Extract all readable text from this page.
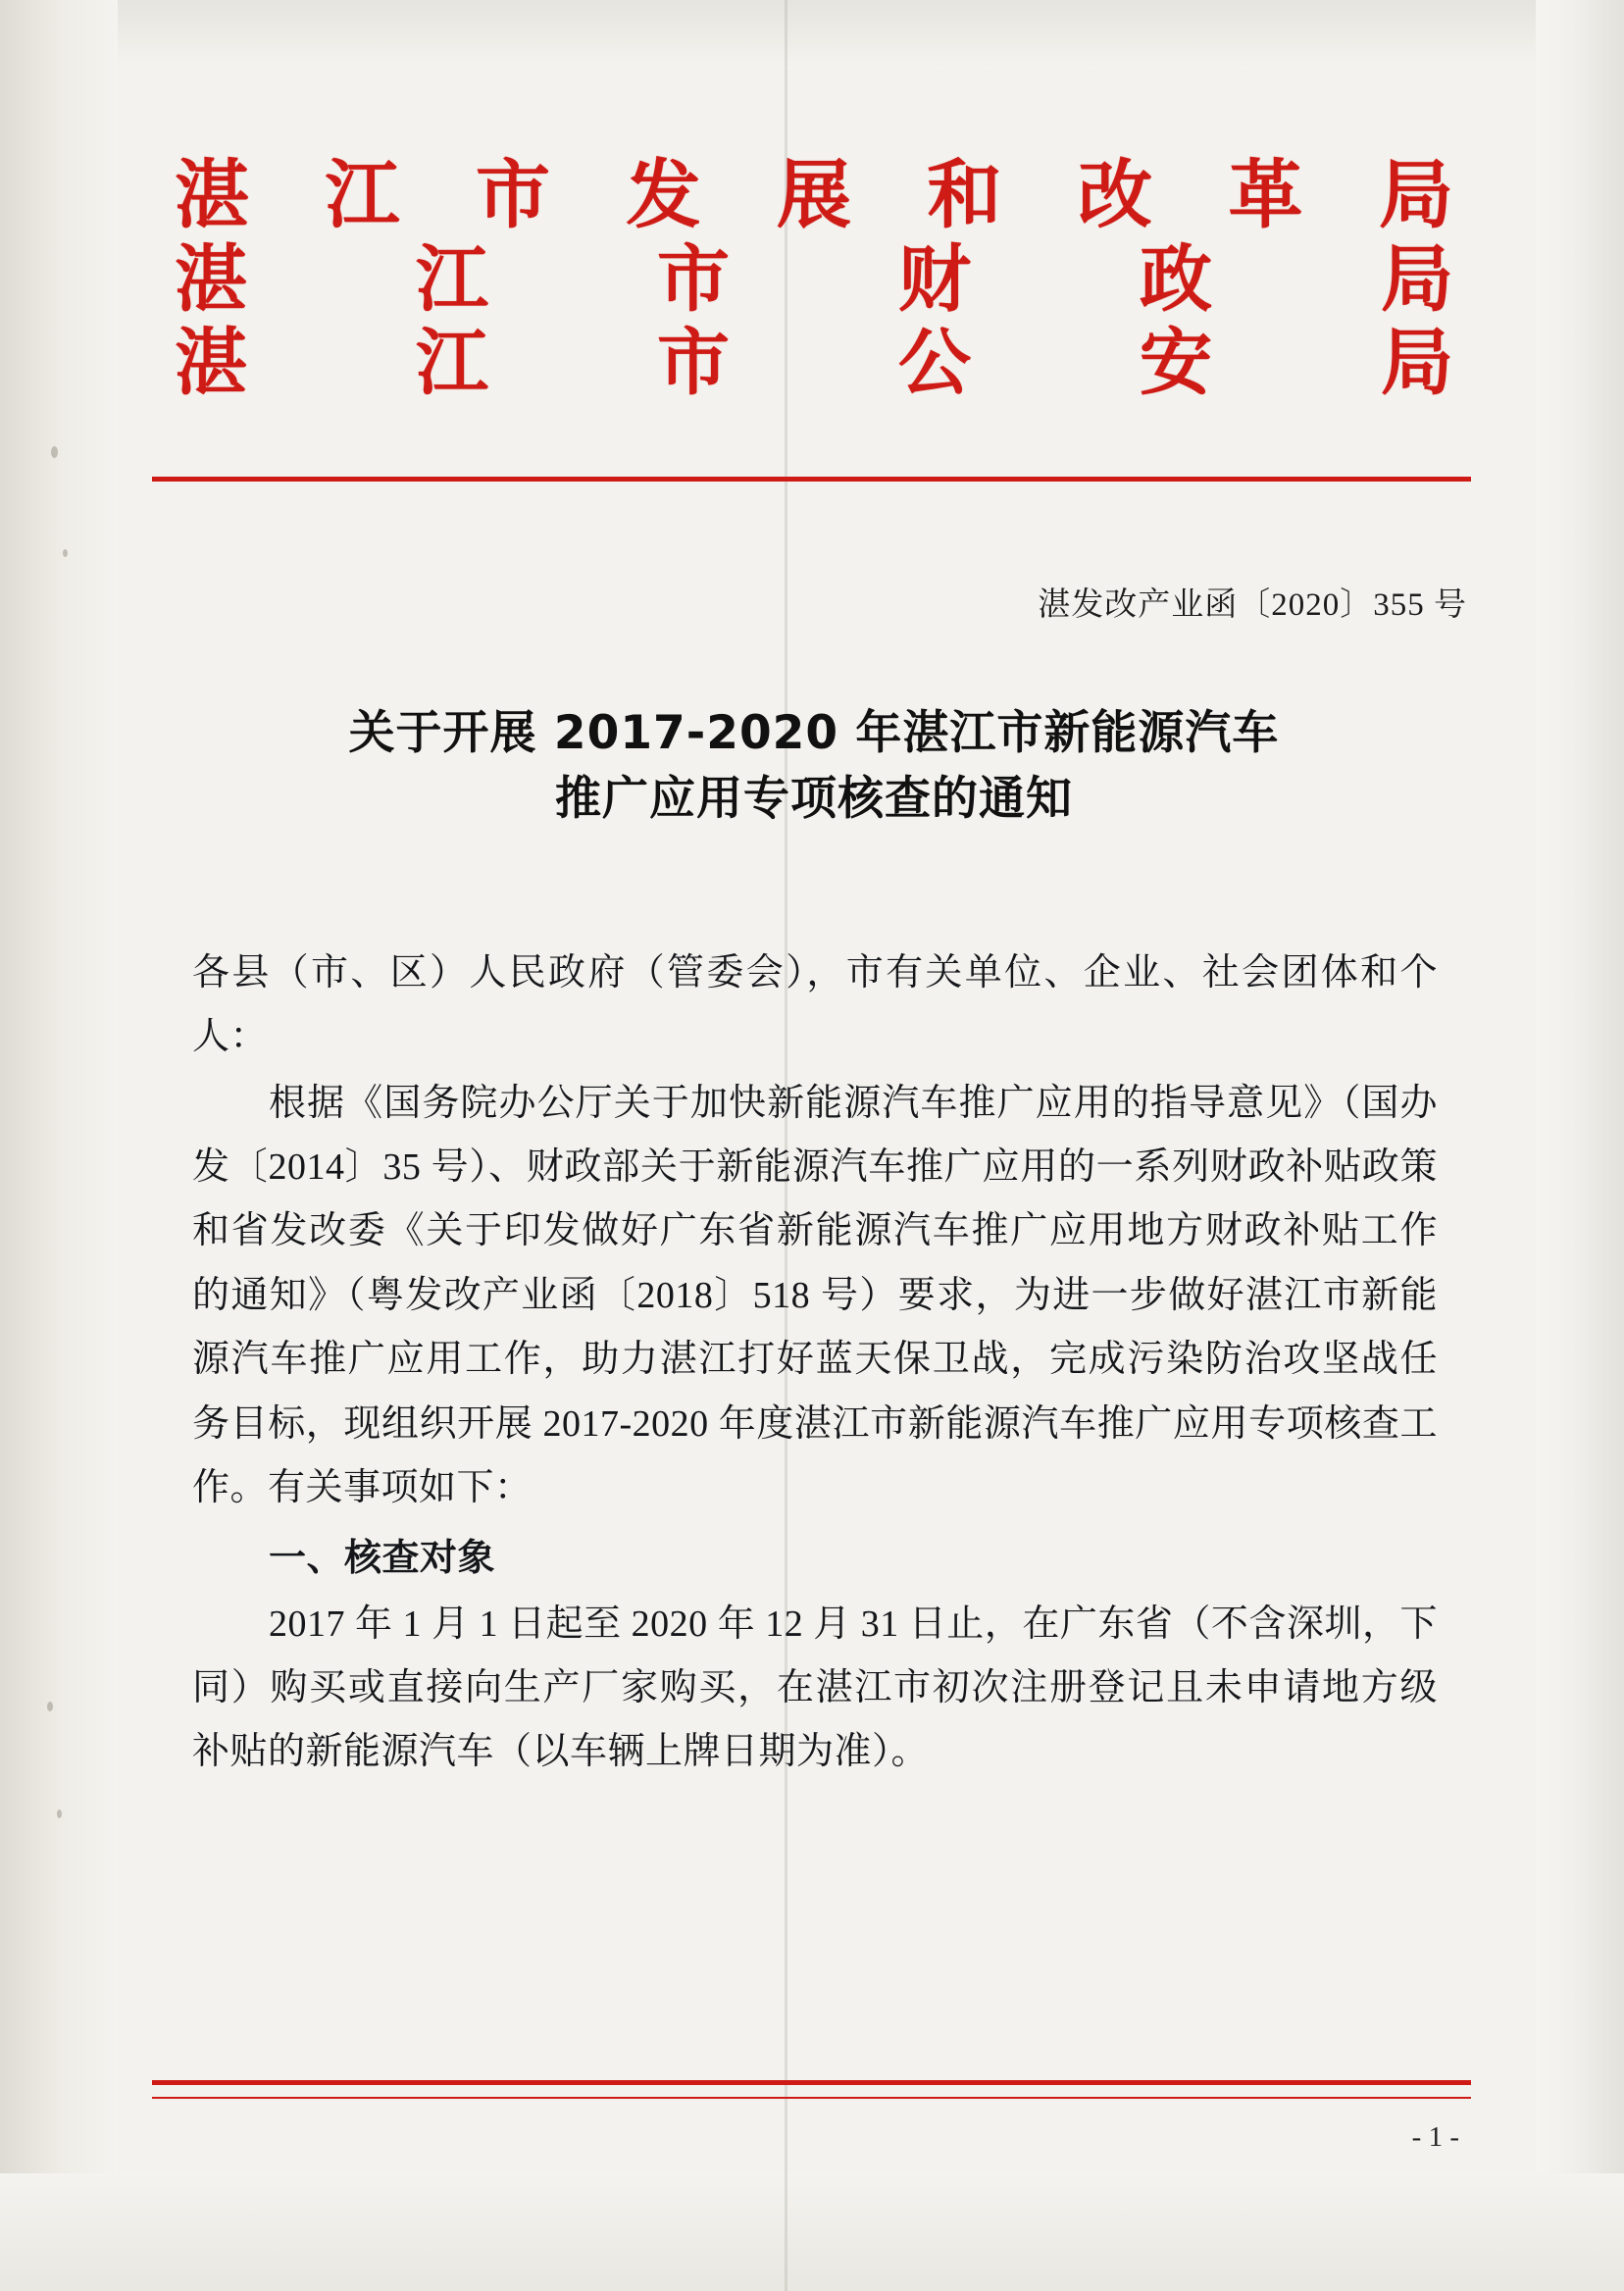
湛 江 市 发 展 和 改 革 局
湛 江 市 财 政 局
湛 江 市 公 安 局
湛发改产业函〔2020〕355 号
关于开展 2017-2020 年湛江市新能源汽车
推广应用专项核查的通知

各县（市、区）人民政府（管委会），市有关单位、企业、社会团体和个人：

根据《国务院办公厅关于加快新能源汽车推广应用的指导意见》（国办发〔2014〕35 号）、财政部关于新能源汽车推广应用的一系列财政补贴政策和省发改委《关于印发做好广东省新能源汽车推广应用地方财政补贴工作的通知》（粤发改产业函〔2018〕518 号）要求，为进一步做好湛江市新能源汽车推广应用工作，助力湛江打好蓝天保卫战，完成污染防治攻坚战任务目标，现组织开展 2017-2020 年度湛江市新能源汽车推广应用专项核查工作。有关事项如下：

一、核查对象

2017 年 1 月 1 日起至 2020 年 12 月 31 日止，在广东省（不含深圳，下同）购买或直接向生产厂家购买，在湛江市初次注册登记且未申请地方级补贴的新能源汽车（以车辆上牌日期为准）。

- 1 -
